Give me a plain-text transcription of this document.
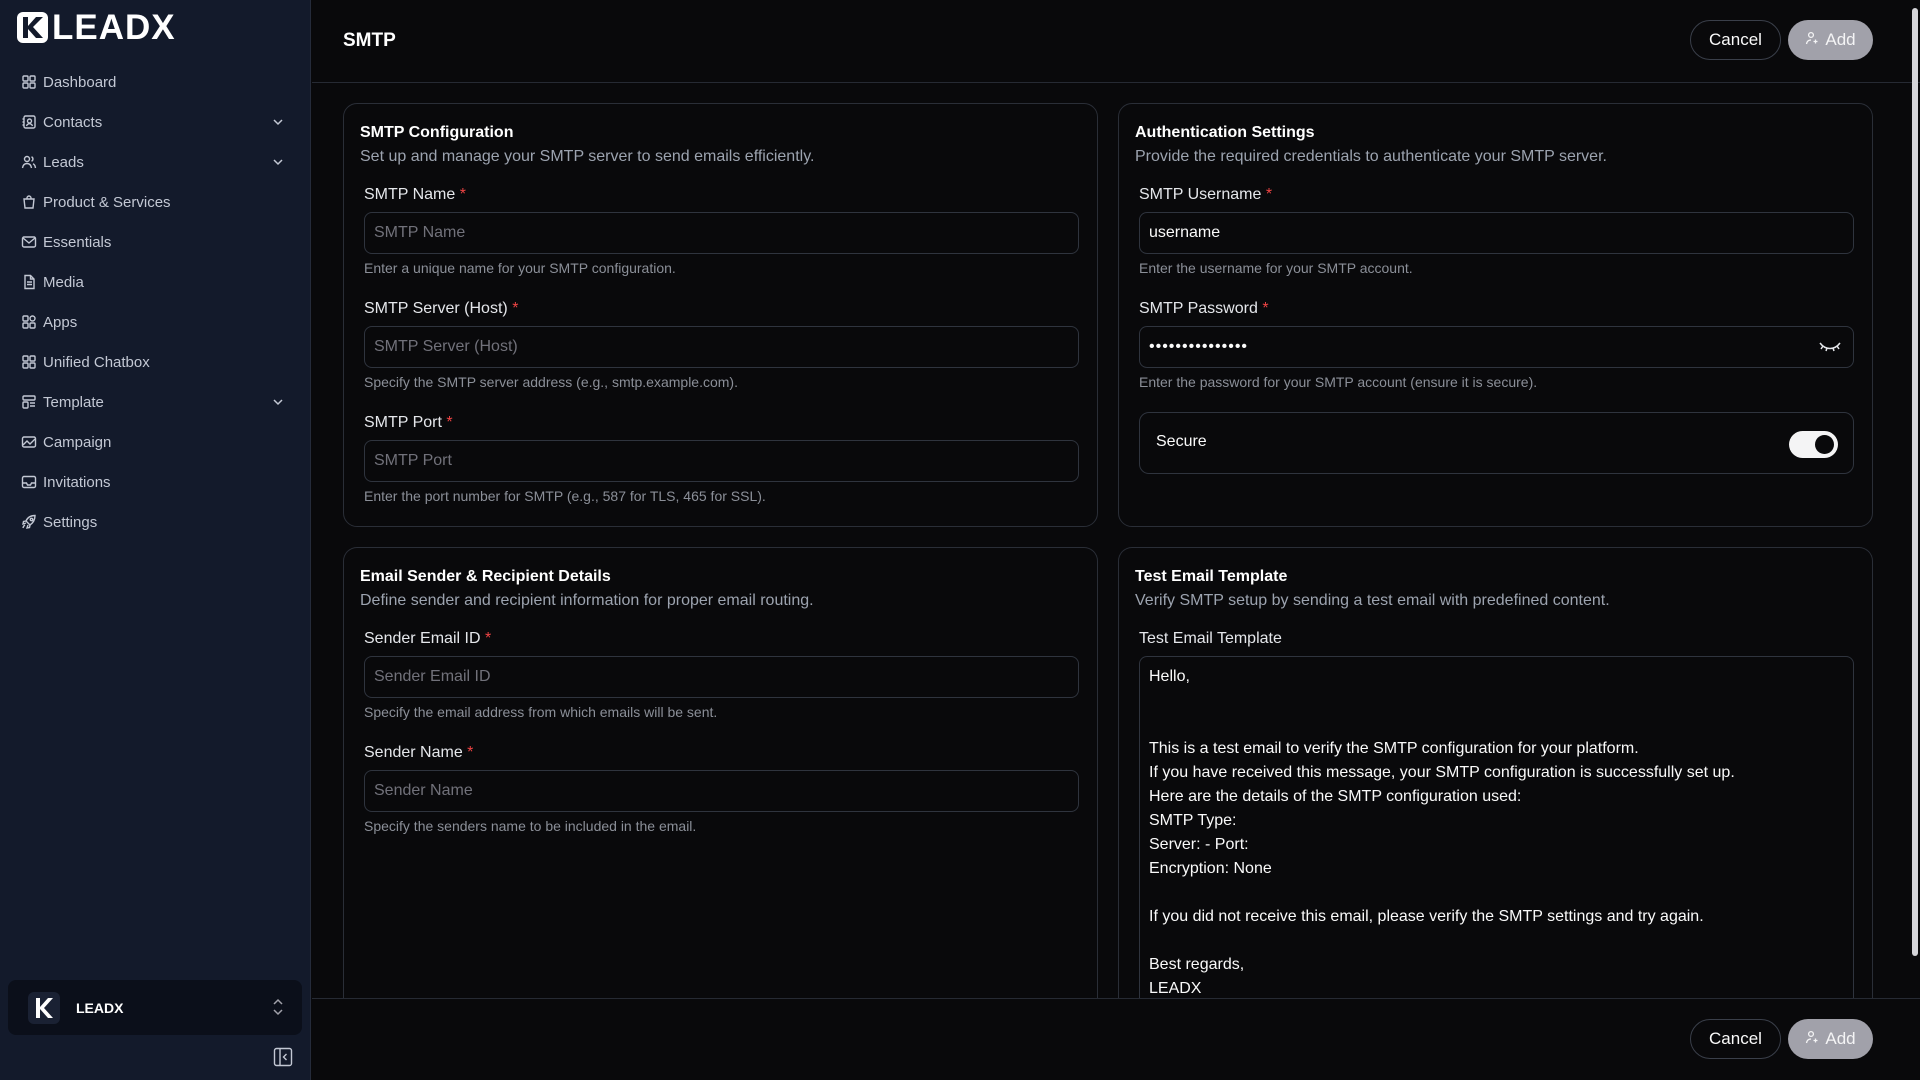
LEADX
Dashboard
Contacts
Leads
Product & Services
Essentials
Media
Apps
Unified Chatbox
Template
Campaign
Invitations
Settings
LEADX
SMTP	Cancel	Add
SMTP Configuration

Set up and manage your SMTP server to send emails efficiently.

SMTP Name *
SMTP Name

Enter a unique name for your SMTP configuration.

SMTP Server (Host) *
SMTP Server (Host)

Specify the SMTP server address (e.g., smtp.example.com).

SMTP Port *
SMTP Port

Enter the port number for SMTP (e.g., 587 for TLS, 465 for SSL).

Authentication Settings

Provide the required credentials to authenticate your SMTP server.

SMTP Username *
username

Enter the username for your SMTP account.

SMTP Password *
•••••••••••••••

Enter the password for your SMTP account (ensure it is secure).

Secure
Email Sender & Recipient Details

Define sender and recipient information for proper email routing.

Sender Email ID *
Sender Email ID

Specify the email address from which emails will be sent.

Sender Name *
Sender Name

Specify the senders name to be included in the email.

Test Email Template

Verify SMTP setup by sending a test email with predefined content.

Test Email Template
Hello,

This is a test email to verify the SMTP configuration for your platform.
If you have received this message, your SMTP configuration is successfully set up.
Here are the details of the SMTP configuration used:
SMTP Type:
Server: - Port:
Encryption: None

If you did not receive this email, please verify the SMTP settings and try again.

Best regards,
LEADX
Cancel	Add
